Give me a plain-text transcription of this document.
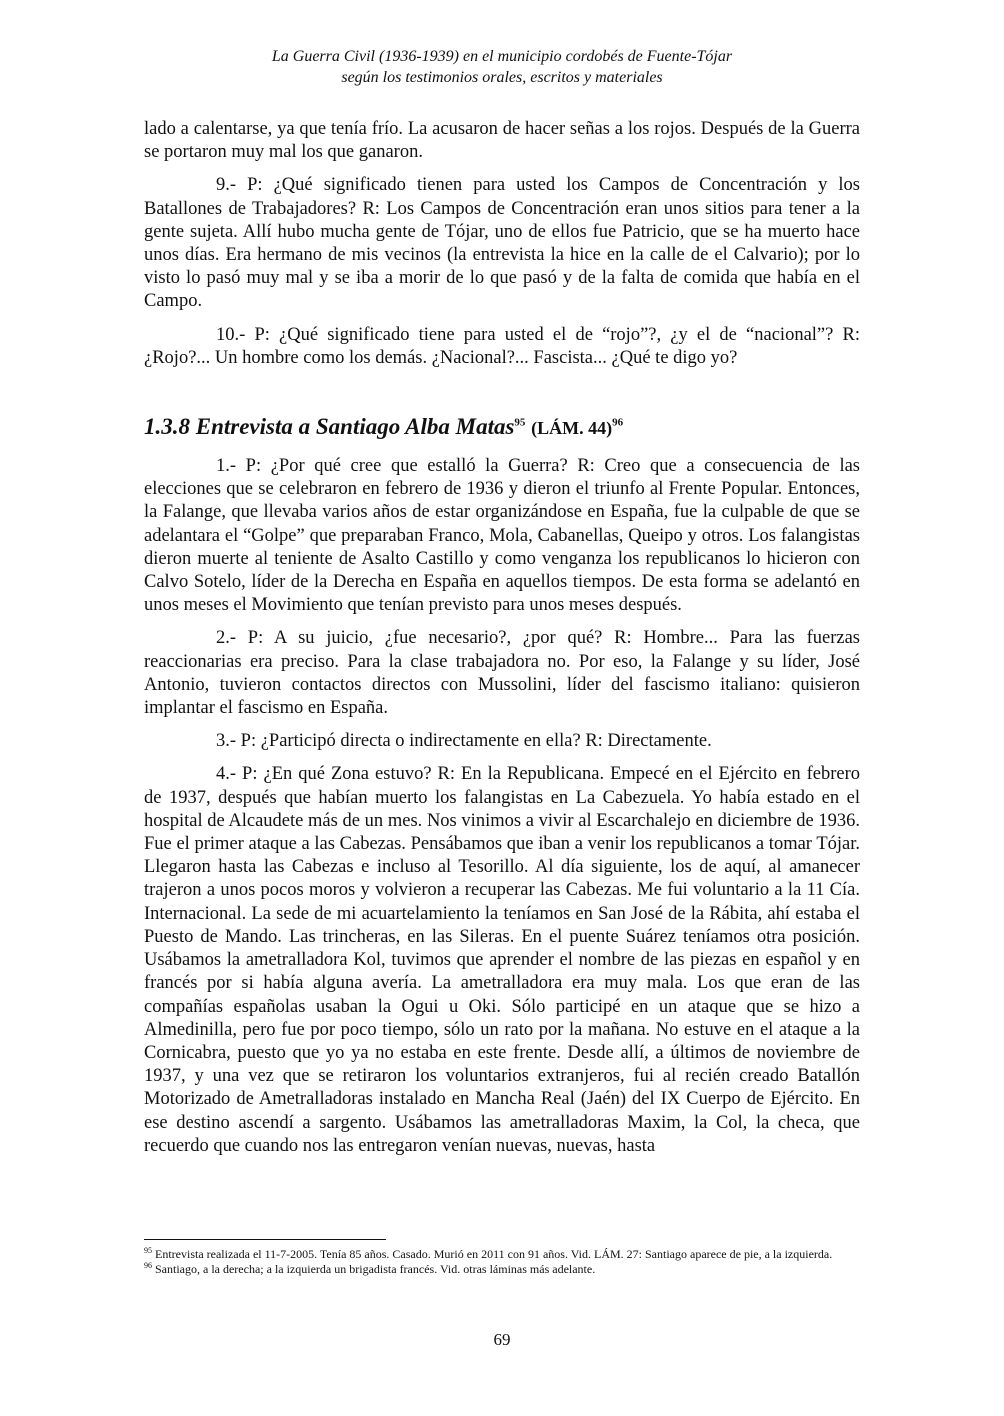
La Guerra Civil (1936-1939) en el municipio cordobés de Fuente-Tójar
según los testimonios orales, escritos y materiales

lado a calentarse, ya que tenía frío. La acusaron de hacer señas a los rojos. Después de la Guerra se portaron muy mal los que ganaron.

9.- P: ¿Qué significado tienen para usted los Campos de Concentración y los Batallones de Trabajadores? R: Los Campos de Concentración eran unos sitios para tener a la gente sujeta. Allí hubo mucha gente de Tójar, uno de ellos fue Patricio, que se ha muerto hace unos días. Era hermano de mis vecinos (la entrevista la hice en la calle de el Calvario); por lo visto lo pasó muy mal y se iba a morir de lo que pasó y de la falta de comida que había en el Campo.

10.- P: ¿Qué significado tiene para usted el de “rojo”?, ¿y el de “nacional”? R: ¿Rojo?... Un hombre como los demás. ¿Nacional?... Fascista... ¿Qué te digo yo?

1.3.8 Entrevista a Santiago Alba Matas$^{95}$ (LÁM. 44)$^{96}$

1.- P: ¿Por qué cree que estalló la Guerra? R: Creo que a consecuencia de las elecciones que se celebraron en febrero de 1936 y dieron el triunfo al Frente Popular. Entonces, la Falange, que llevaba varios años de estar organizándose en España, fue la culpable de que se adelantara el “Golpe” que preparaban Franco, Mola, Cabanellas, Queipo y otros. Los falangistas dieron muerte al teniente de Asalto Castillo y como venganza los republicanos lo hicieron con Calvo Sotelo, líder de la Derecha en España en aquellos tiempos. De esta forma se adelantó en unos meses el Movimiento que tenían previsto para unos meses después.

2.- P: A su juicio, ¿fue necesario?, ¿por qué? R: Hombre... Para las fuerzas reaccionarias era preciso. Para la clase trabajadora no. Por eso, la Falange y su líder, José Antonio, tuvieron contactos directos con Mussolini, líder del fascismo italiano: quisieron implantar el fascismo en España.

3.- P: ¿Participó directa o indirectamente en ella? R: Directamente.

4.- P: ¿En qué Zona estuvo? R: En la Republicana. Empecé en el Ejército en febrero de 1937, después que habían muerto los falangistas en La Cabezuela. Yo había estado en el hospital de Alcaudete más de un mes. Nos vinimos a vivir al Escarchalejo en diciembre de 1936. Fue el primer ataque a las Cabezas. Pensábamos que iban a venir los republicanos a tomar Tójar. Llegaron hasta las Cabezas e incluso al Tesorillo. Al día siguiente, los de aquí, al amanecer trajeron a unos pocos moros y volvieron a recuperar las Cabezas. Me fui voluntario a la 11 Cía. Internacional. La sede de mi acuartelamiento la teníamos en San José de la Rábita, ahí estaba el Puesto de Mando. Las trincheras, en las Sileras. En el puente Suárez teníamos otra posición. Usábamos la ametralladora Kol, tuvimos que aprender el nombre de las piezas en español y en francés por si había alguna avería. La ametralladora era muy mala. Los que eran de las compañías españolas usaban la Ogui u Oki. Sólo participé en un ataque que se hizo a Almedinilla, pero fue por poco tiempo, sólo un rato por la mañana. No estuve en el ataque a la Cornicabra, puesto que yo ya no estaba en este frente. Desde allí, a últimos de noviembre de 1937, y una vez que se retiraron los voluntarios extranjeros, fui al recién creado Batallón Motorizado de Ametralladoras instalado en Mancha Real (Jaén) del IX Cuerpo de Ejército. En ese destino ascendí a sargento. Usábamos las ametralladoras Maxim, la Col, la checa, que recuerdo que cuando nos las entregaron venían nuevas, nuevas, hasta

$^{95}$ Entrevista realizada el 11-7-2005. Tenía 85 años. Casado. Murió en 2011 con 91 años. Vid. LÁM. 27: Santiago aparece de pie, a la izquierda.

$^{96}$ Santiago, a la derecha; a la izquierda un brigadista francés. Vid. otras láminas más adelante.

69
